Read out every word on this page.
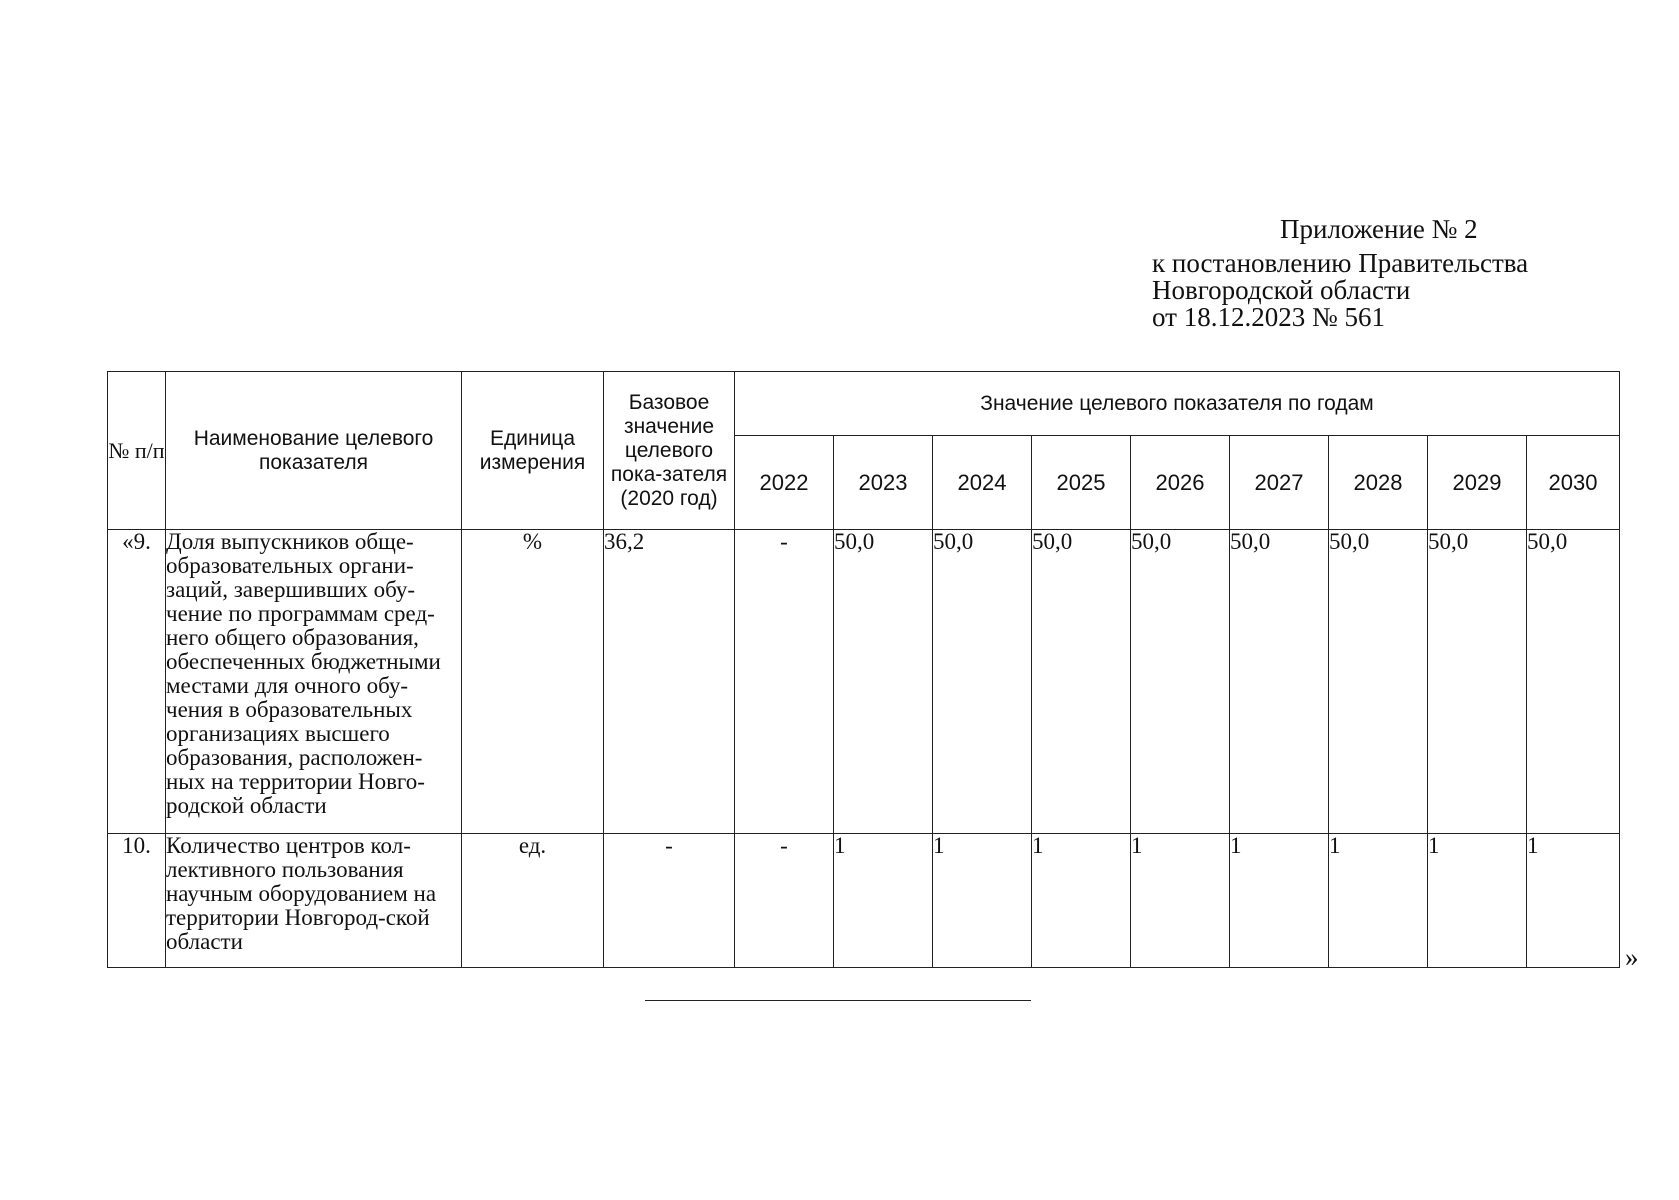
Приложение № 2
к постановлению Правительства
Новгородской области
от 18.12.2023 № 561
№ п/п	Наименование целевого показателя	Единица измерения	Базовое значение целевого пока-зателя (2020 год)	Значение целевого показателя по годам								
				2022	2023	2024	2025	2026	2027	2028	2029	2030
«9.	Доля выпускников обще-образовательных органи-заций, завершивших обу-чение по программам сред-него общего образования, обеспеченных бюджетными местами для очного обу-чения в образовательных организациях высшего образования, расположен-ных на территории Новго-родской области	%	36,2	-	50,0	50,0	50,0	50,0	50,0	50,0	50,0	50,0
10.	Количество центров кол-лективного пользования научным оборудованием на территории Новгород-ской области	ед.	-	-	1	1	1	1	1	1	1	1
»
